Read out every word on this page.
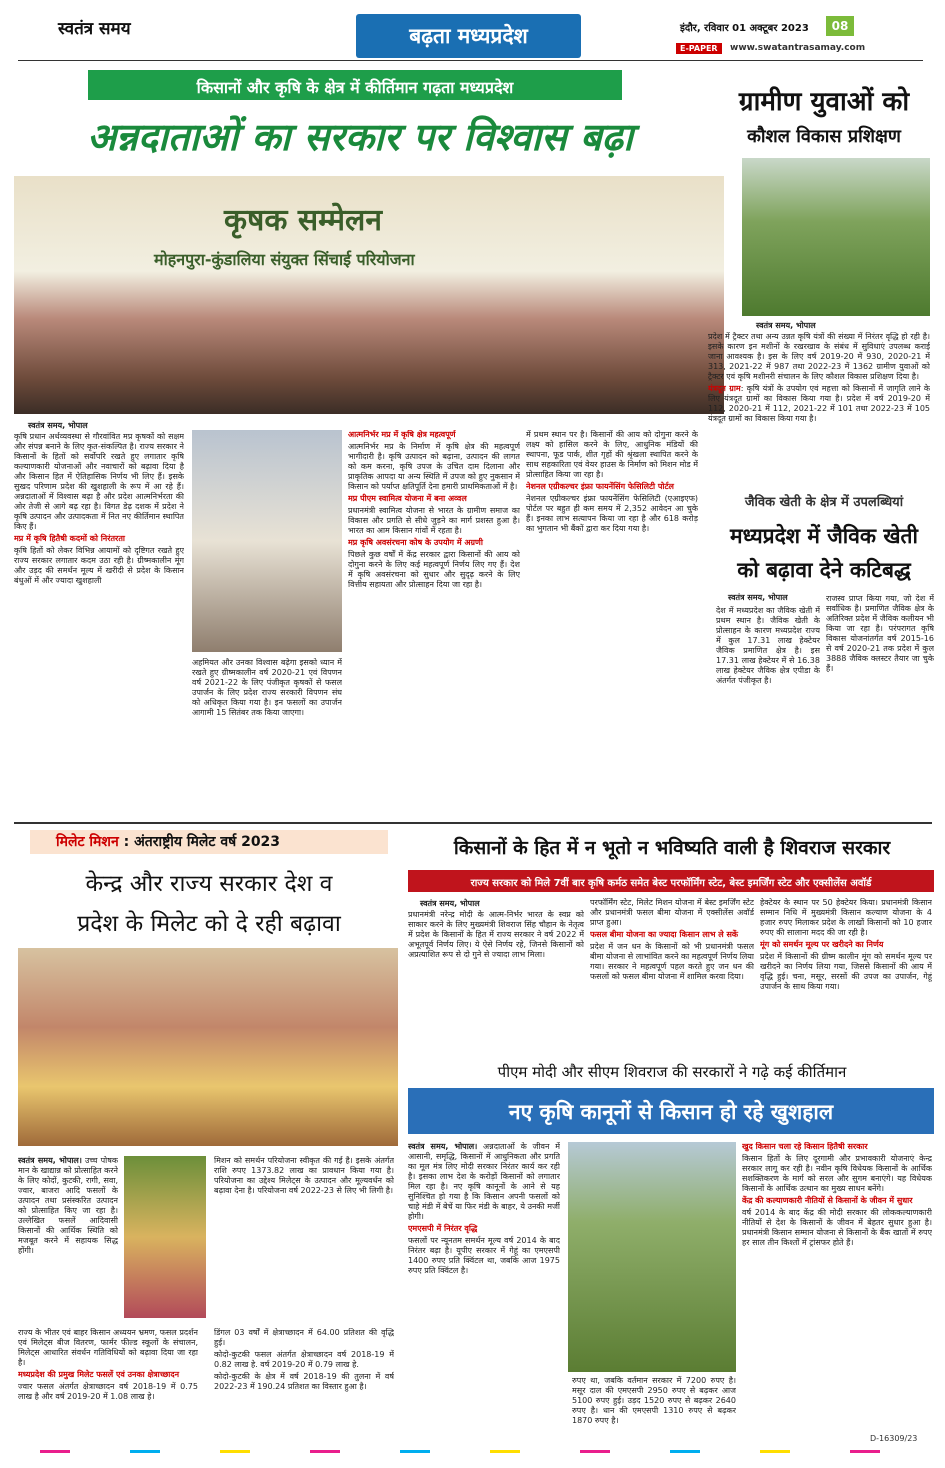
स्वतंत्र समय	बढ़ता मध्यप्रदेश	इंदौर, रविवार 01 अक्टूबर 2023	08
E-PAPER	www.swatantrasamay.com
किसानों और कृषि के क्षेत्र में कीर्तिमान गढ़ता मध्यप्रदेश
अन्नदाताओं का सरकार पर विश्वास बढ़ा
कृषक सम्मेलन
मोहनपुरा-कुंडालिया संयुक्त सिंचाई परियोजना
स्वतंत्र समय, भोपाल

कृषि प्रधान अर्थव्यवस्था से गौरवांवित मप्र कृषकों को सक्षम और संपन्न बनाने के लिए कृत-संकल्पित है। राज्य सरकार ने किसानों के हितों को सर्वोपरि रखते हुए लगातार कृषि कल्याणकारी योजनाओं और नवाचारों को बढ़ावा दिया है और किसान हित में ऐतिहासिक निर्णय भी लिए हैं। इसके सुखद परिणाम प्रदेश की खुशहाली के रूप में आ रहे हैं। अन्नदाताओं में विश्वास बढ़ा है और प्रदेश आत्मनिर्भरता की ओर तेजी से आगे बढ़ रहा है। विगत डेढ़ दशक में प्रदेश ने कृषि उत्पादन और उत्पादकता में नित नए कीर्तिमान स्थापित किए हैं।

मप्र में कृषि हितैषी कदमों को निरंतरता

कृषि हितों को लेकर विभिन्न आयामों को दृष्टिगत रखते हुए राज्य सरकार लगातार कदम उठा रही है। ग्रीष्मकालीन मूंग और उड़द की समर्थन मूल्य में खरीदी से प्रदेश के किसान बंधुओं में और ज्यादा खुशहाली

अहमियत और उनका विश्वास बढ़ेगा इसको ध्यान में रखते हुए ग्रीष्मकालीन वर्ष 2020-21 एवं विपणन वर्ष 2021-22 के लिए पंजीकृत कृषकों से फसल उपार्जन के लिए प्रदेश राज्य सरकारी विपणन संघ को अधिकृत किया गया है। इन फसलों का उपार्जन आगामी 15 सितंबर तक किया जाएगा।

आत्मनिर्भर मप्र में कृषि क्षेत्र महत्वपूर्ण

आत्मनिर्भर मप्र के निर्माण में कृषि क्षेत्र की महत्वपूर्ण भागीदारी है। कृषि उत्पादन को बढ़ाना, उत्पादन की लागत को कम करना, कृषि उपज के उचित दाम दिलाना और प्राकृतिक आपदा या अन्य स्थिति में उपज को हुए नुकसान में किसान को पर्याप्त क्षतिपूर्ति देना हमारी प्राथमिकताओं में है।

मप्र पीएम स्वामित्व योजना में बना अव्वल

प्रधानमंत्री स्वामित्व योजना से भारत के ग्रामीण समाज का विकास और प्रगति से सीधे जुड़ने का मार्ग प्रशस्त हुआ है। भारत का आम किसान गांवों में रहता है।

मप्र कृषि अवसंरचना कोष के उपयोग में अग्रणी

पिछले कुछ वर्षों में केंद्र सरकार द्वारा किसानों की आय को दोगुना करने के लिए कई महत्वपूर्ण निर्णय लिए गए हैं। देश में कृषि अवसंरचना को सुधार और सुदृढ़ करने के लिए वित्तीय सहायता और प्रोत्साहन दिया जा रहा है।

में प्रथम स्थान पर है। किसानों की आय को दोगुना करने के लक्ष्य को हासिल करने के लिए, आधुनिक मंडियों की स्थापना, फूड पार्क, शीत गृहों की श्रृंखला स्थापित करने के साथ सहकारिता एवं वेयर हाउस के निर्माण को मिशन मोड में प्रोत्साहित किया जा रहा है।

नेशनल एग्रीकल्चर इंफ्रा फायनेंसिंग फेसिलिटी पोर्टल

नेशनल एग्रीकल्चर इंफ्रा फायनेंसिंग फेसिलिटी (एआइएफ) पोर्टल पर बहुत ही कम समय में 2,352 आवेदन आ चुके हैं। इनका लाभ सत्यापन किया जा रहा है और 618 करोड़ का भुगतान भी बैंकों द्वारा कर दिया गया है।

ग्रामीण युवाओं को
कौशल विकास प्रशिक्षण
स्वतंत्र समय, भोपाल

प्रदेश में ट्रैक्टर तथा अन्य उन्नत कृषि यंत्रों की संख्या में निरंतर वृद्धि हो रही है। इसके कारण इन मशीनों के रखरखाव के संबंध में सुविधाएं उपलब्ध कराई जाना आवश्यक है। इस के लिए वर्ष 2019-20 में 930, 2020-21 में 313, 2021-22 में 987 तथा 2022-23 में 1362 ग्रामीण युवाओं को ट्रैक्टर एवं कृषि मशीनरी संचालन के लिए कौशल विकास प्रशिक्षण दिया है।

यंत्रदूत ग्राम: कृषि यंत्रों के उपयोग एवं महत्ता को किसानों में जागृति लाने के लिए यंत्रदूत ग्रामों का विकास किया गया है। प्रदेश में वर्ष 2019-20 में 112, 2020-21 में 112, 2021-22 में 101 तथा 2022-23 में 105 यंत्रदूत ग्रामों का विकास किया गया है।

जैविक खेती के क्षेत्र में उपलब्धियां
मध्यप्रदेश में जैविक खेती
को बढ़ावा देने कटिबद्ध
स्वतंत्र समय, भोपाल
देश में मध्यप्रदेश का जैविक खेती में प्रथम स्थान है। जैविक खेती के प्रोत्साहन के कारण मध्यप्रदेश राज्य में कुल 17.31 लाख हेक्टेयर जैविक प्रमाणित क्षेत्र है। इस 17.31 लाख हेक्टेयर में से 16.38 लाख हेक्टेयर जैविक क्षेत्र एपीडा के अंतर्गत पंजीकृत है।
राजस्व प्राप्त किया गया, जो देश में सर्वाधिक है। प्रमाणित जैविक क्षेत्र के अतिरिक्त प्रदेश में जैविक कलीयन भी किया जा रहा है। परंपरागत कृषि विकास योजनांतर्गत वर्ष 2015-16 से वर्ष 2020-21 तक प्रदेश में कुल 3888 जैविक क्लस्टर तैयार जा चुके हैं।
मिलेट मिशन : अंतराष्ट्रीय मिलेट वर्ष 2023
केन्द्र और राज्य सरकार देश व
प्रदेश के मिलेट को दे रही बढ़ावा
स्वतंत्र समय, भोपाल। उच्च पोषक मान के खाद्यान्न को प्रोत्साहित करने के लिए कोदों, कुटकी, रागी, सवा, ज्वार, बाजरा आदि फसलों के उत्पादन तथा प्रसंस्करित उत्पादन को प्रोत्साहित किए जा रहा है। उल्लेखित फसलें आदिवासी किसानों की आर्थिक स्थिति को मजबूत करने में सहायक सिद्ध होंगी।
मिशन को समर्थन परियोजना स्वीकृत की गई है। इसके अंतर्गत राशि रुपए 1373.82 लाख का प्रावधान किया गया है। परियोजना का उद्देश्य मिलेट्स के उत्पादन और मूल्यवर्धन को बढ़ावा देना है। परियोजना वर्ष 2022-23 से लिए भी लिगी है।

राज्य के भीतर एवं बाहर किसान अध्ययन भ्रमण, फसल प्रदर्शन एवं मिलेट्स बीज वितरण, फार्मर फील्ड स्कूलों के संचालन, मिलेट्स आधारित संवर्धन गतिविधियों को बढ़ावा दिया जा रहा है।

मध्यप्रदेश की प्रमुख मिलेट फसलें एवं उनका क्षेत्राच्छादन

ज्वार फसल अंतर्गत क्षेत्राच्छादन वर्ष 2018-19 में 0.75 लाख है और वर्ष 2019-20 में 1.08 लाख हे।

डिंगल 03 वर्षों में क्षेत्राच्छादन में 64.00 प्रतिशत की वृद्धि हुई।

कोदो-कुटकी फसल अंतर्गत क्षेत्राच्छादन वर्ष 2018-19 में 0.82 लाख हे. वर्ष 2019-20 में 0.79 लाख हे.

कोदो-कुटकी के क्षेत्र में वर्ष 2018-19 की तुलना में वर्ष 2022-23 में 190.24 प्रतिशत का विस्तार हुआ है।

किसानों के हित में न भूतो न भविष्यति वाली है शिवराज सरकार
राज्य सरकार को मिले 7वीं बार कृषि कर्मठ समेत बेस्ट परफॉर्मिंग स्टेट, बेस्ट इमर्जिंग स्टेट और एक्सीलेंस अवॉर्ड
स्वतंत्र समय, भोपाल
प्रधानमंत्री नरेन्द्र मोदी के आत्म-निर्भर भारत के स्वप्न को साकार करने के लिए मुख्यमंत्री शिवराज सिंह चौहान के नेतृत्व में प्रदेश के किसानों के हित में राज्य सरकार ने वर्ष 2022 में अभूतपूर्व निर्णय लिए। ये ऐसे निर्णय रहे, जिनसे किसानों को अप्रत्याशित रूप से दो गुने से ज्यादा लाभ मिला।

परफॉर्मिंग स्टेट, मिलेट मिशन योजना में बेस्ट इमर्जिंग स्टेट और प्रधानमंत्री फसल बीमा योजना में एक्सीलेंस अवॉर्ड प्राप्त हुआ।

फसल बीमा योजना का ज्यादा किसान लाभ ले सकें

प्रदेश में जन धन के किसानों को भी प्रधानमंत्री फसल बीमा योजना से लाभांवित करने का महत्वपूर्ण निर्णय लिया गया। सरकार ने महत्वपूर्ण पहल करते हुए जन धन की फसलों को फसल बीमा योजना में शामिल करवा दिया।

हेक्टेयर के स्थान पर 50 हेक्टेयर किया। प्रधानमंत्री किसान सम्मान निधि में मुख्यमंत्री किसान कल्याण योजना के 4 हजार रुपए मिलाकर प्रदेश के लाखों किसानों को 10 हजार रुपए की सालाना मदद की जा रही है।

मूंग को समर्थन मूल्य पर खरीदने का निर्णय

प्रदेश में किसानों की ग्रीष्म कालीन मूंग को समर्थन मूल्य पर खरीदने का निर्णय लिया गया, जिससे किसानों की आय में वृद्धि हुई। चना, मसूर, सरसों की उपज का उपार्जन, गेहूं उपार्जन के साथ किया गया।

पीएम मोदी और सीएम शिवराज की सरकारों ने गढ़े कई कीर्तिमान
नए कृषि कानूनों से किसान हो रहे खुशहाल

स्वतंत्र समय, भोपाल। अन्नदाताओं के जीवन में आसानी, समृद्धि, किसानों में आधुनिकता और प्रगति का मूल मंत्र लिए मोदी सरकार निरंतर कार्य कर रही है। इसका लाभ देश के करोड़ों किसानों को लगातार मिल रहा है। नए कृषि कानूनों के आने से यह सुनिश्चित हो गया है कि किसान अपनी फसलों को चाहे मंडी में बेचें या फिर मंडी के बाहर, ये उनकी मर्जी होगी।

एमएसपी में निरंतर वृद्धि

फसलों पर न्यूनतम समर्थन मूल्य वर्ष 2014 के बाद निरंतर बढ़ा है। यूपीए सरकार में गेहूं का एमएसपी 1400 रुपए प्रति क्विंटल था, जबकि आज 1975 रुपए प्रति क्विंटल है।

रुपए था, जबकि वर्तमान सरकार में 7200 रुपए है। मसूर दाल की एमएसपी 2950 रुपए से बढ़कर आज 5100 रुपए हुई। उड़द 1520 रुपए से बढ़कर 2640 रुपए है। धान की एमएसपी 1310 रुपए से बढ़कर 1870 रुपए है।

खुद किसान चला रहे किसान हितैषी सरकार

किसान हितों के लिए दूरगामी और प्रभावकारी योजनाएं केन्द्र सरकार लागू कर रही है। नवीन कृषि विधेयक किसानों के आर्थिक सशक्तिकरण के मार्ग को सरल और सुगम बनाएंगे। यह विधेयक किसानों के आर्थिक उत्थान का मुख्य साधन बनेंगे।

केंद्र की कल्याणकारी नीतियों से किसानों के जीवन में सुधार

वर्ष 2014 के बाद केंद्र की मोदी सरकार की लोककल्याणकारी नीतियों से देश के किसानों के जीवन में बेहतर सुधार हुआ है। प्रधानमंत्री किसान सम्मान योजना से किसानों के बैंक खातों में रुपए हर साल तीन किश्तों में ट्रांसफर होते हैं।

D-16309/23
